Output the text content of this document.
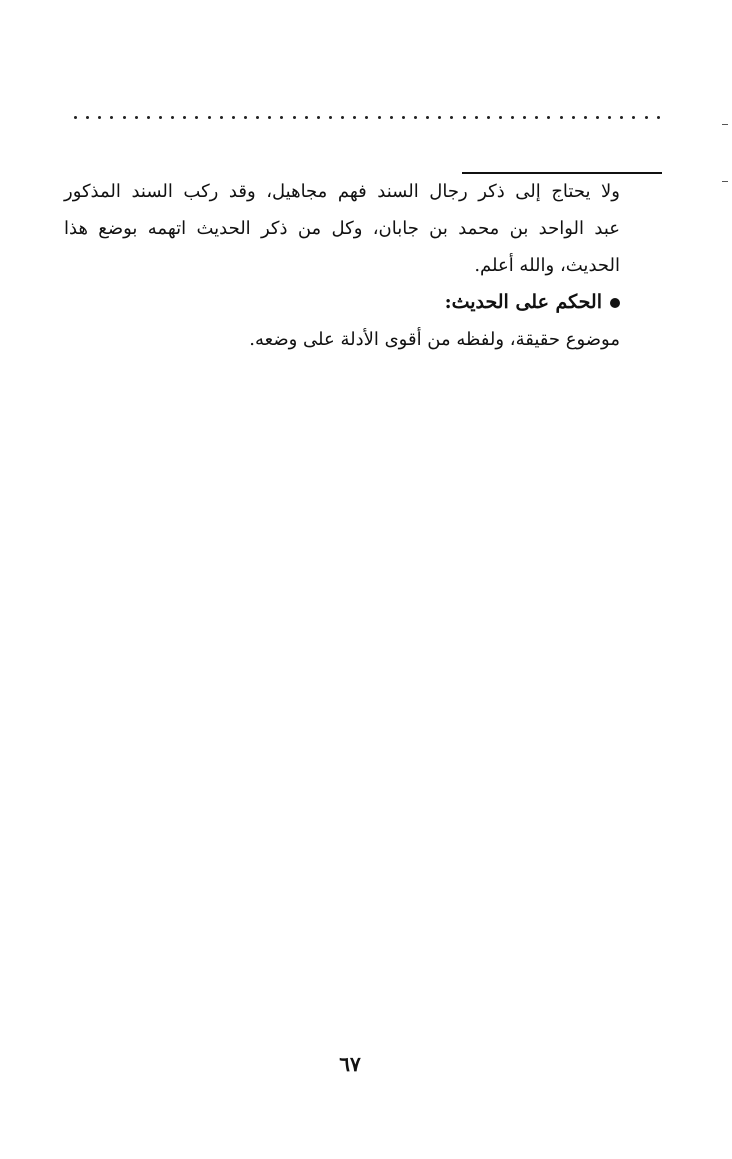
ولا يحتاج إلى ذكر رجال السند فهم مجاهيل، وقد ركب السند المذكور
عبد الواحد بن محمد بن جابان، وكل من ذكر الحديث اتهمه بوضع هذا
الحديث، والله أعلم.
الحكم على الحديث:
موضوع حقيقة، ولفظه من أقوى الأدلة على وضعه.
٦٧
